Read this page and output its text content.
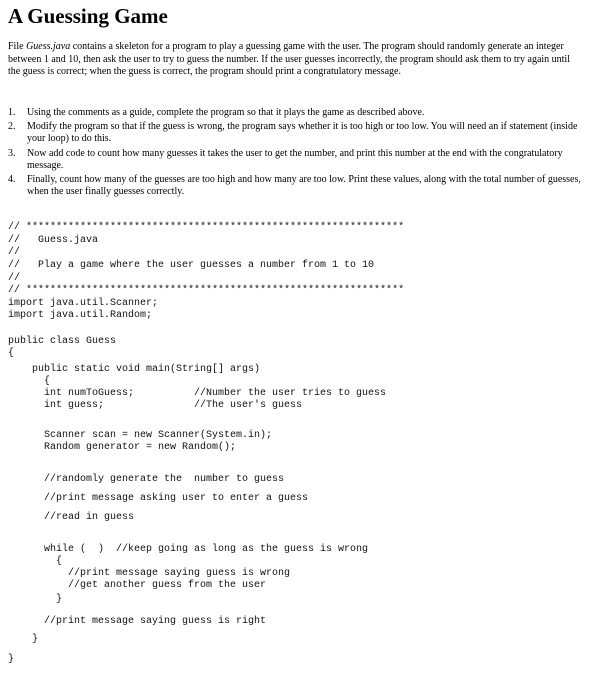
A Guessing Game
File Guess.java contains a skeleton for a program to play a guessing game with the user. The program should randomly generate an integer between 1 and 10, then ask the user to try to guess the number. If the user guesses incorrectly, the program should ask them to try again until the guess is correct; when the guess is correct, the program should print a congratulatory message.
1. Using the comments as a guide, complete the program so that it plays the game as described above.
2. Modify the program so that if the guess is wrong, the program says whether it is too high or too low. You will need an if statement (inside your loop) to do this.
3. Now add code to count how many guesses it takes the user to get the number, and print this number at the end with the congratulatory message.
4. Finally, count how many of the guesses are too high and how many are too low. Print these values, along with the total number of guesses, when the user finally guesses correctly.
// ***************************************************************
//   Guess.java
//
//   Play a game where the user guesses a number from 1 to 10
//
// ***************************************************************
import java.util.Scanner;
import java.util.Random;
public class Guess
{
public static void main(String[] args)
{
int numToGuess;          //Number the user tries to guess
int guess;               //The user's guess
Scanner scan = new Scanner(System.in);
Random generator = new Random();
//randomly generate the  number to guess
//print message asking user to enter a guess
//read in guess
while (  )  //keep going as long as the guess is wrong
{
//print message saying guess is wrong
//get another guess from the user
}
//print message saying guess is right
}
}
